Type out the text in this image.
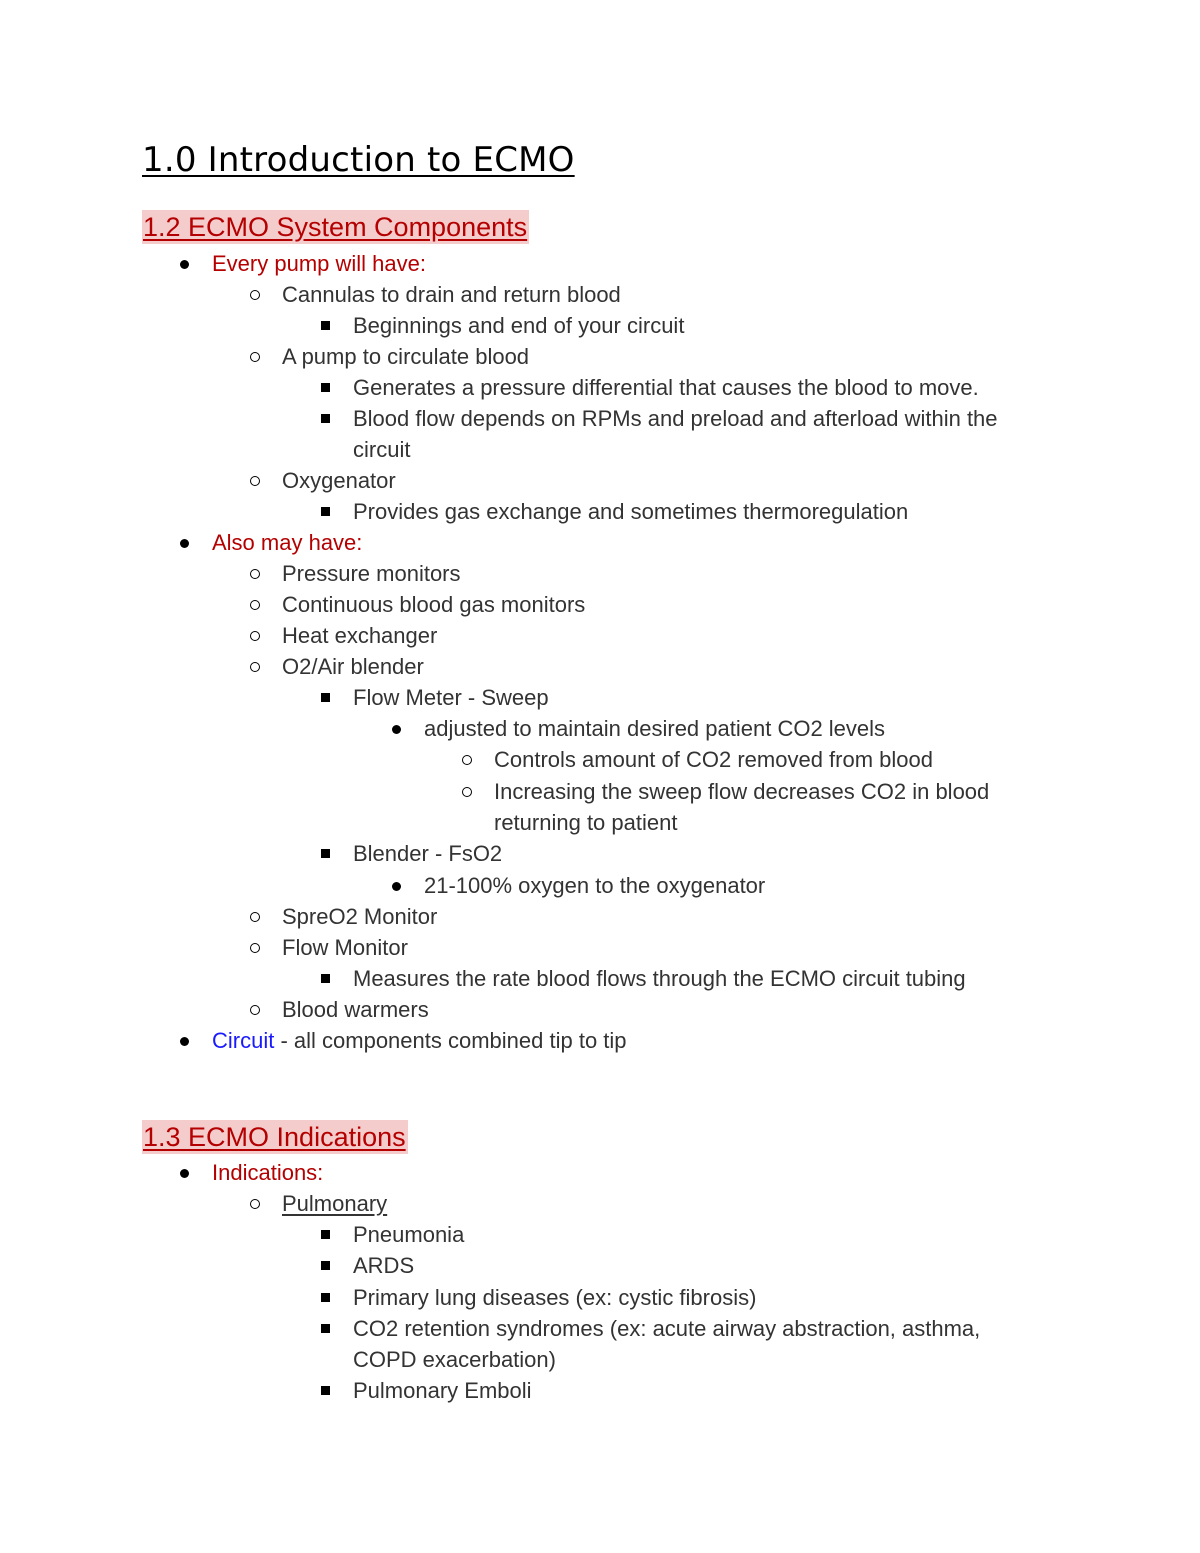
1.0 Introduction to ECMO
1.2 ECMO System Components
Every pump will have:
Cannulas to drain and return blood
Beginnings and end of your circuit
A pump to circulate blood
Generates a pressure differential that causes the blood to move.
Blood flow depends on RPMs and preload and afterload within the
circuit
Oxygenator
Provides gas exchange and sometimes thermoregulation
Also may have:
Pressure monitors
Continuous blood gas monitors
Heat exchanger
O2/Air blender
Flow Meter - Sweep
adjusted to maintain desired patient CO2 levels
Controls amount of CO2 removed from blood
Increasing the sweep flow decreases CO2 in blood
returning to patient
Blender - FsO2
21-100% oxygen to the oxygenator
SpreO2 Monitor
Flow Monitor
Measures the rate blood flows through the ECMO circuit tubing
Blood warmers
Circuit - all components combined tip to tip
1.3 ECMO Indications
Indications:
Pulmonary
Pneumonia
ARDS
Primary lung diseases (ex: cystic fibrosis)
CO2 retention syndromes (ex: acute airway abstraction, asthma,
COPD exacerbation)
Pulmonary Emboli
